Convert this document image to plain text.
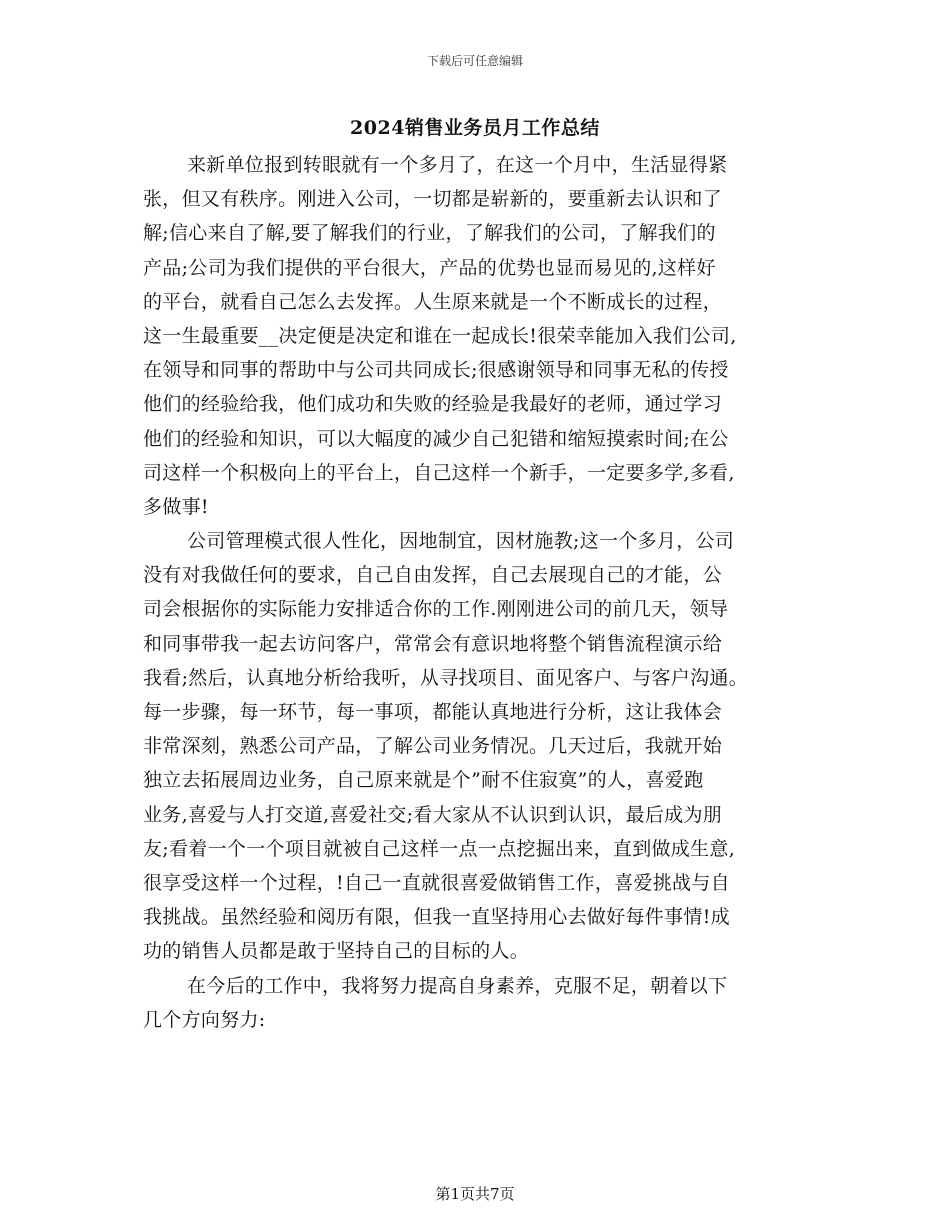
下载后可任意编辑
2024销售业务员月工作总结
来新单位报到转眼就有一个多月了，在这一个月中，生活显得紧
张，但又有秩序。刚进入公司，一切都是崭新的，要重新去认识和了
解;信心来自了解,要了解我们的行业，了解我们的公司，了解我们的
产品;公司为我们提供的平台很大，产品的优势也显而易见的,这样好
的平台，就看自己怎么去发挥。人生原来就是一个不断成长的过程，
这一生最重要__决定便是决定和谁在一起成长!很荣幸能加入我们公司,
在领导和同事的帮助中与公司共同成长;很感谢领导和同事无私的传授
他们的经验给我，他们成功和失败的经验是我最好的老师，通过学习
他们的经验和知识，可以大幅度的减少自己犯错和缩短摸索时间;在公
司这样一个积极向上的平台上，自己这样一个新手，一定要多学,多看,
多做事!
公司管理模式很人性化，因地制宜，因材施教;这一个多月，公司
没有对我做任何的要求，自己自由发挥，自己去展现自己的才能，公
司会根据你的实际能力安排适合你的工作.刚刚进公司的前几天，领导
和同事带我一起去访问客户，常常会有意识地将整个销售流程演示给
我看;然后，认真地分析给我听，从寻找项目、面见客户、与客户沟通。
每一步骤，每一环节，每一事项，都能认真地进行分析，这让我体会
非常深刻，熟悉公司产品，了解公司业务情况。几天过后，我就开始
独立去拓展周边业务，自己原来就是个”耐不住寂寞”的人，喜爱跑
业务,喜爱与人打交道,喜爱社交;看大家从不认识到认识，最后成为朋
友;看着一个一个项目就被自己这样一点一点挖掘出来，直到做成生意,
很享受这样一个过程，!自己一直就很喜爱做销售工作，喜爱挑战与自
我挑战。虽然经验和阅历有限，但我一直坚持用心去做好每件事情!成
功的销售人员都是敢于坚持自己的目标的人。
在今后的工作中，我将努力提高自身素养，克服不足，朝着以下
几个方向努力:
第1页共7页
